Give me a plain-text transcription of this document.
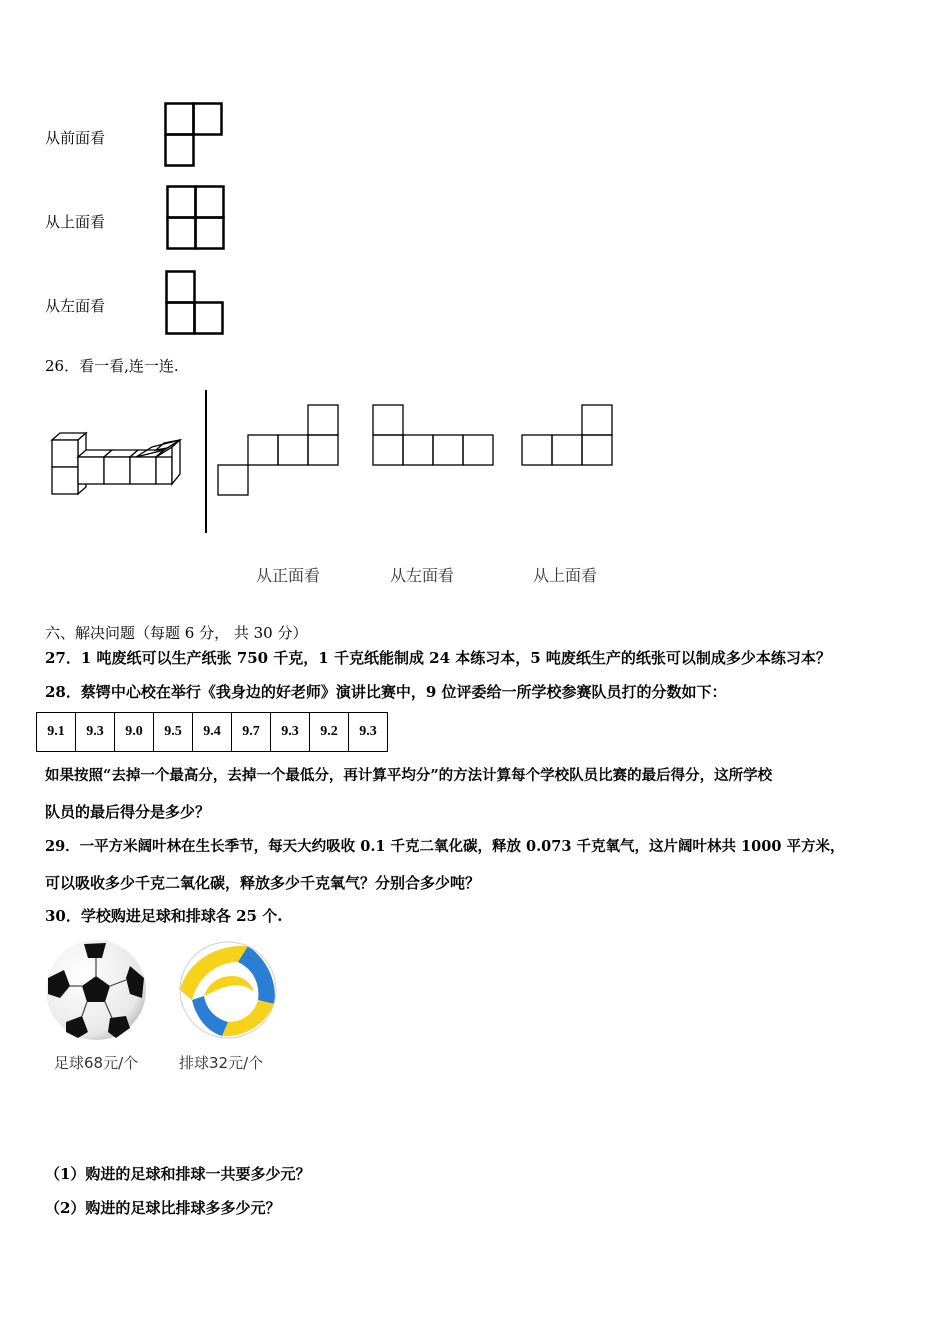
从前面看
从上面看
从左面看
26．看一看,连一连.
从正面看	从左面看	从上面看
六、解决问题（每题 6 分， 共 30 分）
27．1 吨废纸可以生产纸张 750 千克，1 千克纸能制成 24 本练习本，5 吨废纸生产的纸张可以制成多少本练习本？
28．蔡锷中心校在举行《我身边的好老师》演讲比赛中，9 位评委给一所学校参赛队员打的分数如下：
9.1	9.3	9.0	9.5	9.4	9.7	9.3	9.2	9.3
如果按照“去掉一个最高分，去掉一个最低分，再计算平均分”的方法计算每个学校队员比赛的最后得分，这所学校
队员的最后得分是多少？
29．一平方米阔叶林在生长季节，每天大约吸收 0.1 千克二氧化碳，释放 0.073 千克氧气，这片阔叶林共 1000 平方米，
可以吸收多少千克二氧化碳，释放多少千克氧气？分别合多少吨？
30．学校购进足球和排球各 25 个.
足球68元/个	排球32元/个
（1）购进的足球和排球一共要多少元？
（2）购进的足球比排球多多少元？
